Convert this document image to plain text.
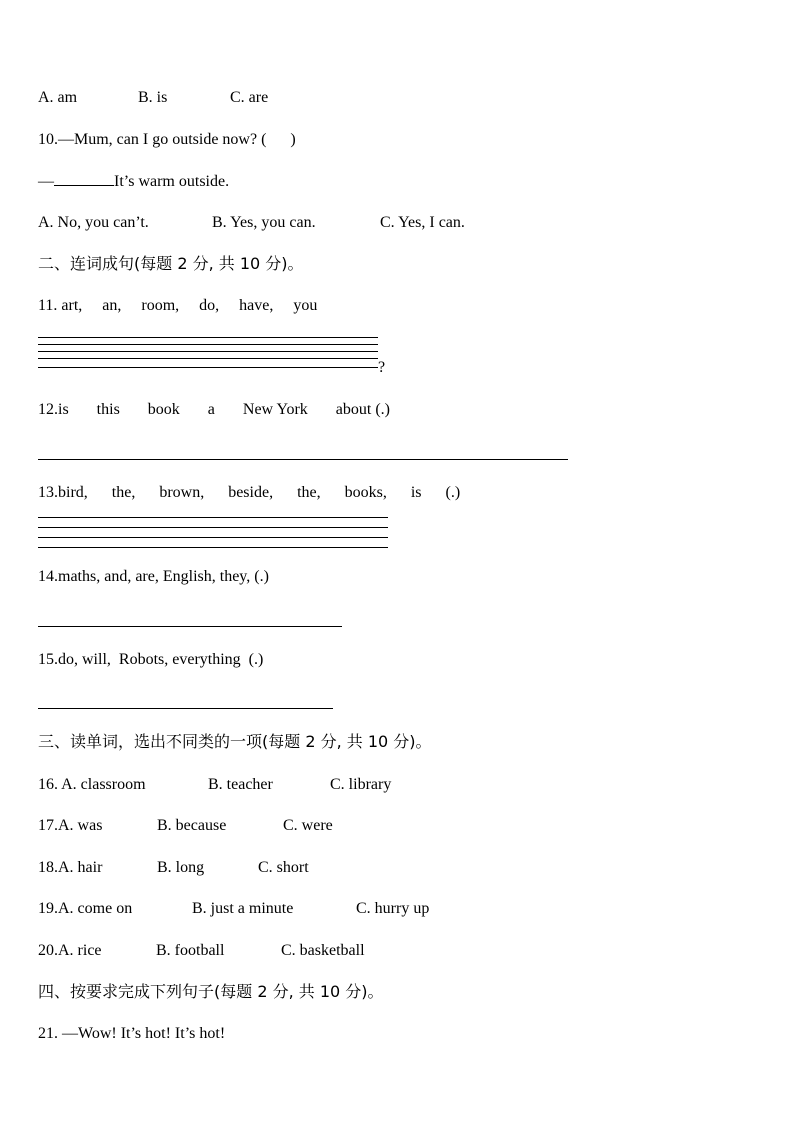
A. am	B. is	C. are
10.—Mum, can I go outside now? (      )
—	It’s warm outside.
A. No, you can’t.	B. Yes, you can.	C. Yes, I can.
二、连词成句(每题 2 分, 共 10 分)。
11. art,     an,     room,     do,     have,     you
?
12.is       this       book       a       New York       about (.)
13.bird,      the,      brown,      beside,      the,      books,      is      (.)
14.maths, and, are, English, they, (.)
15.do, will,  Robots, everything  (.)
三、读单词，选出不同类的一项(每题 2 分, 共 10 分)。
16. A. classroom	B. teacher	C. library
17.A. was	B. because	C. were
18.A. hair	B. long	C. short
19.A. come on	B. just a minute	C. hurry up
20.A. rice	B. football	C. basketball
四、按要求完成下列句子(每题 2 分, 共 10 分)。
21. —Wow! It’s hot! It’s hot!
